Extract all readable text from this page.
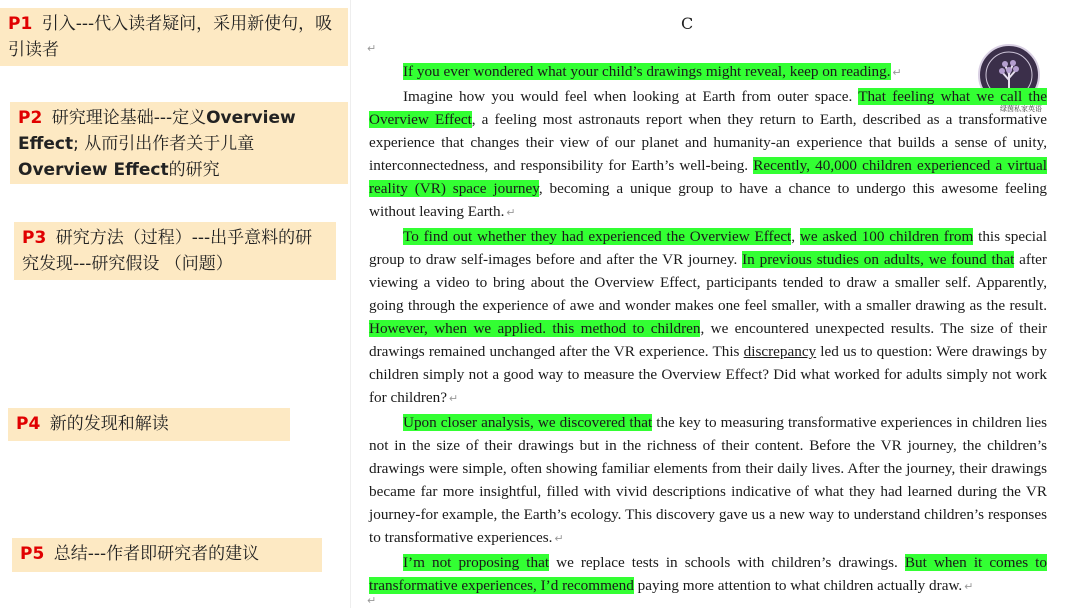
P1 引入---代入读者疑问，采用新使句，吸引读者
P2 研究理论基础---定义Overview Effect; 从而引出作者关于儿童Overview Effect的研究
P3 研究方法（过程）---出乎意料的研究发现---研究假设 （问题）
P4 新的发现和解读
P5 总结---作者即研究者的建议
C
↵
绿茵私家英语

If you ever wondered what your child’s drawings might reveal, keep on reading. ↵

Imagine how you would feel when looking at Earth from outer space. That feeling what we call the Overview Effect, a feeling most astronauts report when they return to Earth, described as a transformative experience that changes their view of our planet and humanity-an experience that builds a sense of unity, interconnectedness, and responsibility for Earth’s well-being. Recently, 40,000 children experienced a virtual reality (VR) space journey, becoming a unique group to have a chance to undergo this awesome feeling without leaving Earth. ↵

To find out whether they had experienced the Overview Effect, we asked 100 children from this special group to draw self-images before and after the VR journey. In previous studies on adults, we found that after viewing a video to bring about the Overview Effect, participants tended to draw a smaller self. Apparently, going through the experience of awe and wonder makes one feel smaller, with a smaller drawing as the result. However, when we applied. this method to children, we encountered unexpected results. The size of their drawings remained unchanged after the VR experience. This discrepancy led us to question: Were drawings by children simply not a good way to measure the Overview Effect? Did what worked for adults simply not work for children? ↵

Upon closer analysis, we discovered that the key to measuring transformative experiences in children lies not in the size of their drawings but in the richness of their content. Before the VR journey, the children’s drawings were simple, often showing familiar elements from their daily lives. After the journey, their drawings became far more insightful, filled with vivid descriptions indicative of what they had learned during the VR journey-for example, the Earth’s ecology. This discovery gave us a new way to understand children’s responses to transformative experiences. ↵

I’m not proposing that we replace tests in schools with children’s drawings. But when it comes to transformative experiences, I’d recommend paying more attention to what children actually draw. ↵

↵
